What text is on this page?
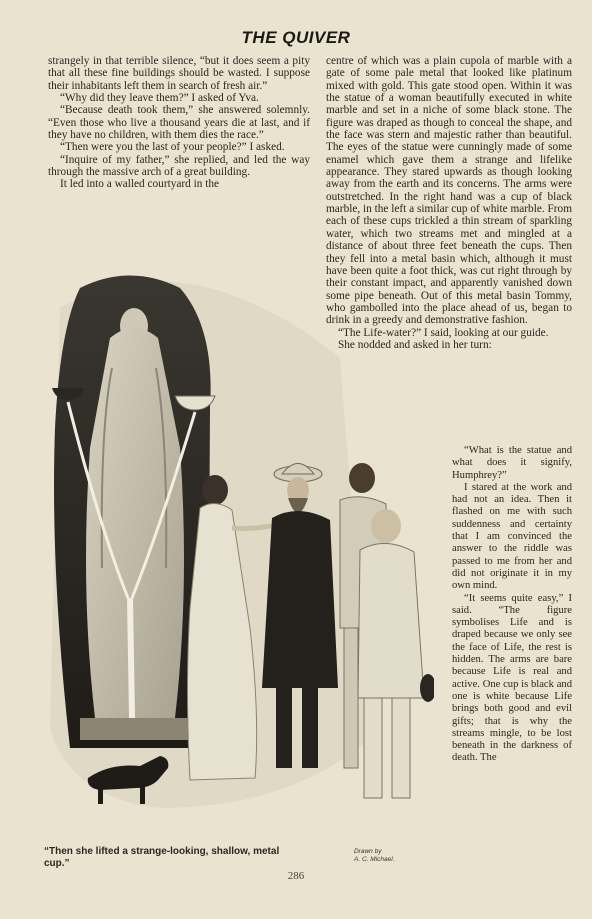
THE QUIVER

strangely in that terrible silence, “but it does seem a pity that all these fine buildings should be wasted. I suppose their inhabitants left them in search of fresh air.”

“Why did they leave them?” I asked of Yva.

“Because death took them,” she answered solemnly. “Even those who live a thousand years die at last, and if they have no children, with them dies the race.”

“Then were you the last of your people?” I asked.

“Inquire of my father,” she replied, and led the way through the massive arch of a great building.

It led into a walled courtyard in the

centre of which was a plain cupola of marble with a gate of some pale metal that looked like platinum mixed with gold. This gate stood open. Within it was the statue of a woman beautifully executed in white marble and set in a niche of some black stone. The figure was draped as though to conceal the shape, and the face was stern and majestic rather than beautiful. The eyes of the statue were cunningly made of some enamel which gave them a strange and lifelike appearance. They stared upwards as though looking away from the earth and its concerns. The arms were outstretched. In the right hand was a cup of black marble, in the left a similar cup of white marble. From each of these cups trickled a thin stream of sparkling water, which two streams met and mingled at a distance of about three feet beneath the cups. Then they fell into a metal basin which, although it must have been quite a foot thick, was cut right through by their constant impact, and apparently vanished down some pipe beneath. Out of this metal basin Tommy, who gambolled into the place ahead of us, began to drink in a greedy and demonstrative fashion.

“The Life-water?” I said, looking at our guide.

She nodded and asked in her turn:

“What is the statue and what does it signify, Humphrey?”

I stared at the work and had not an idea. Then it flashed on me with such suddenness and certainty that I am convinced the answer to the riddle was passed to me from her and did not originate it in my own mind.

“It seems quite easy,” I said. “The figure symbolises Life and is draped because we only see the face of Life, the rest is hidden. The arms are bare because Life is real and active. One cup is black and one is white because Life brings both good and evil gifts; that is why the streams mingle, to be lost beneath in the darkness of death. The

“Then she lifted a strange-looking, shallow, metal cup.”
Drawn by
A. C. Michael.
286
